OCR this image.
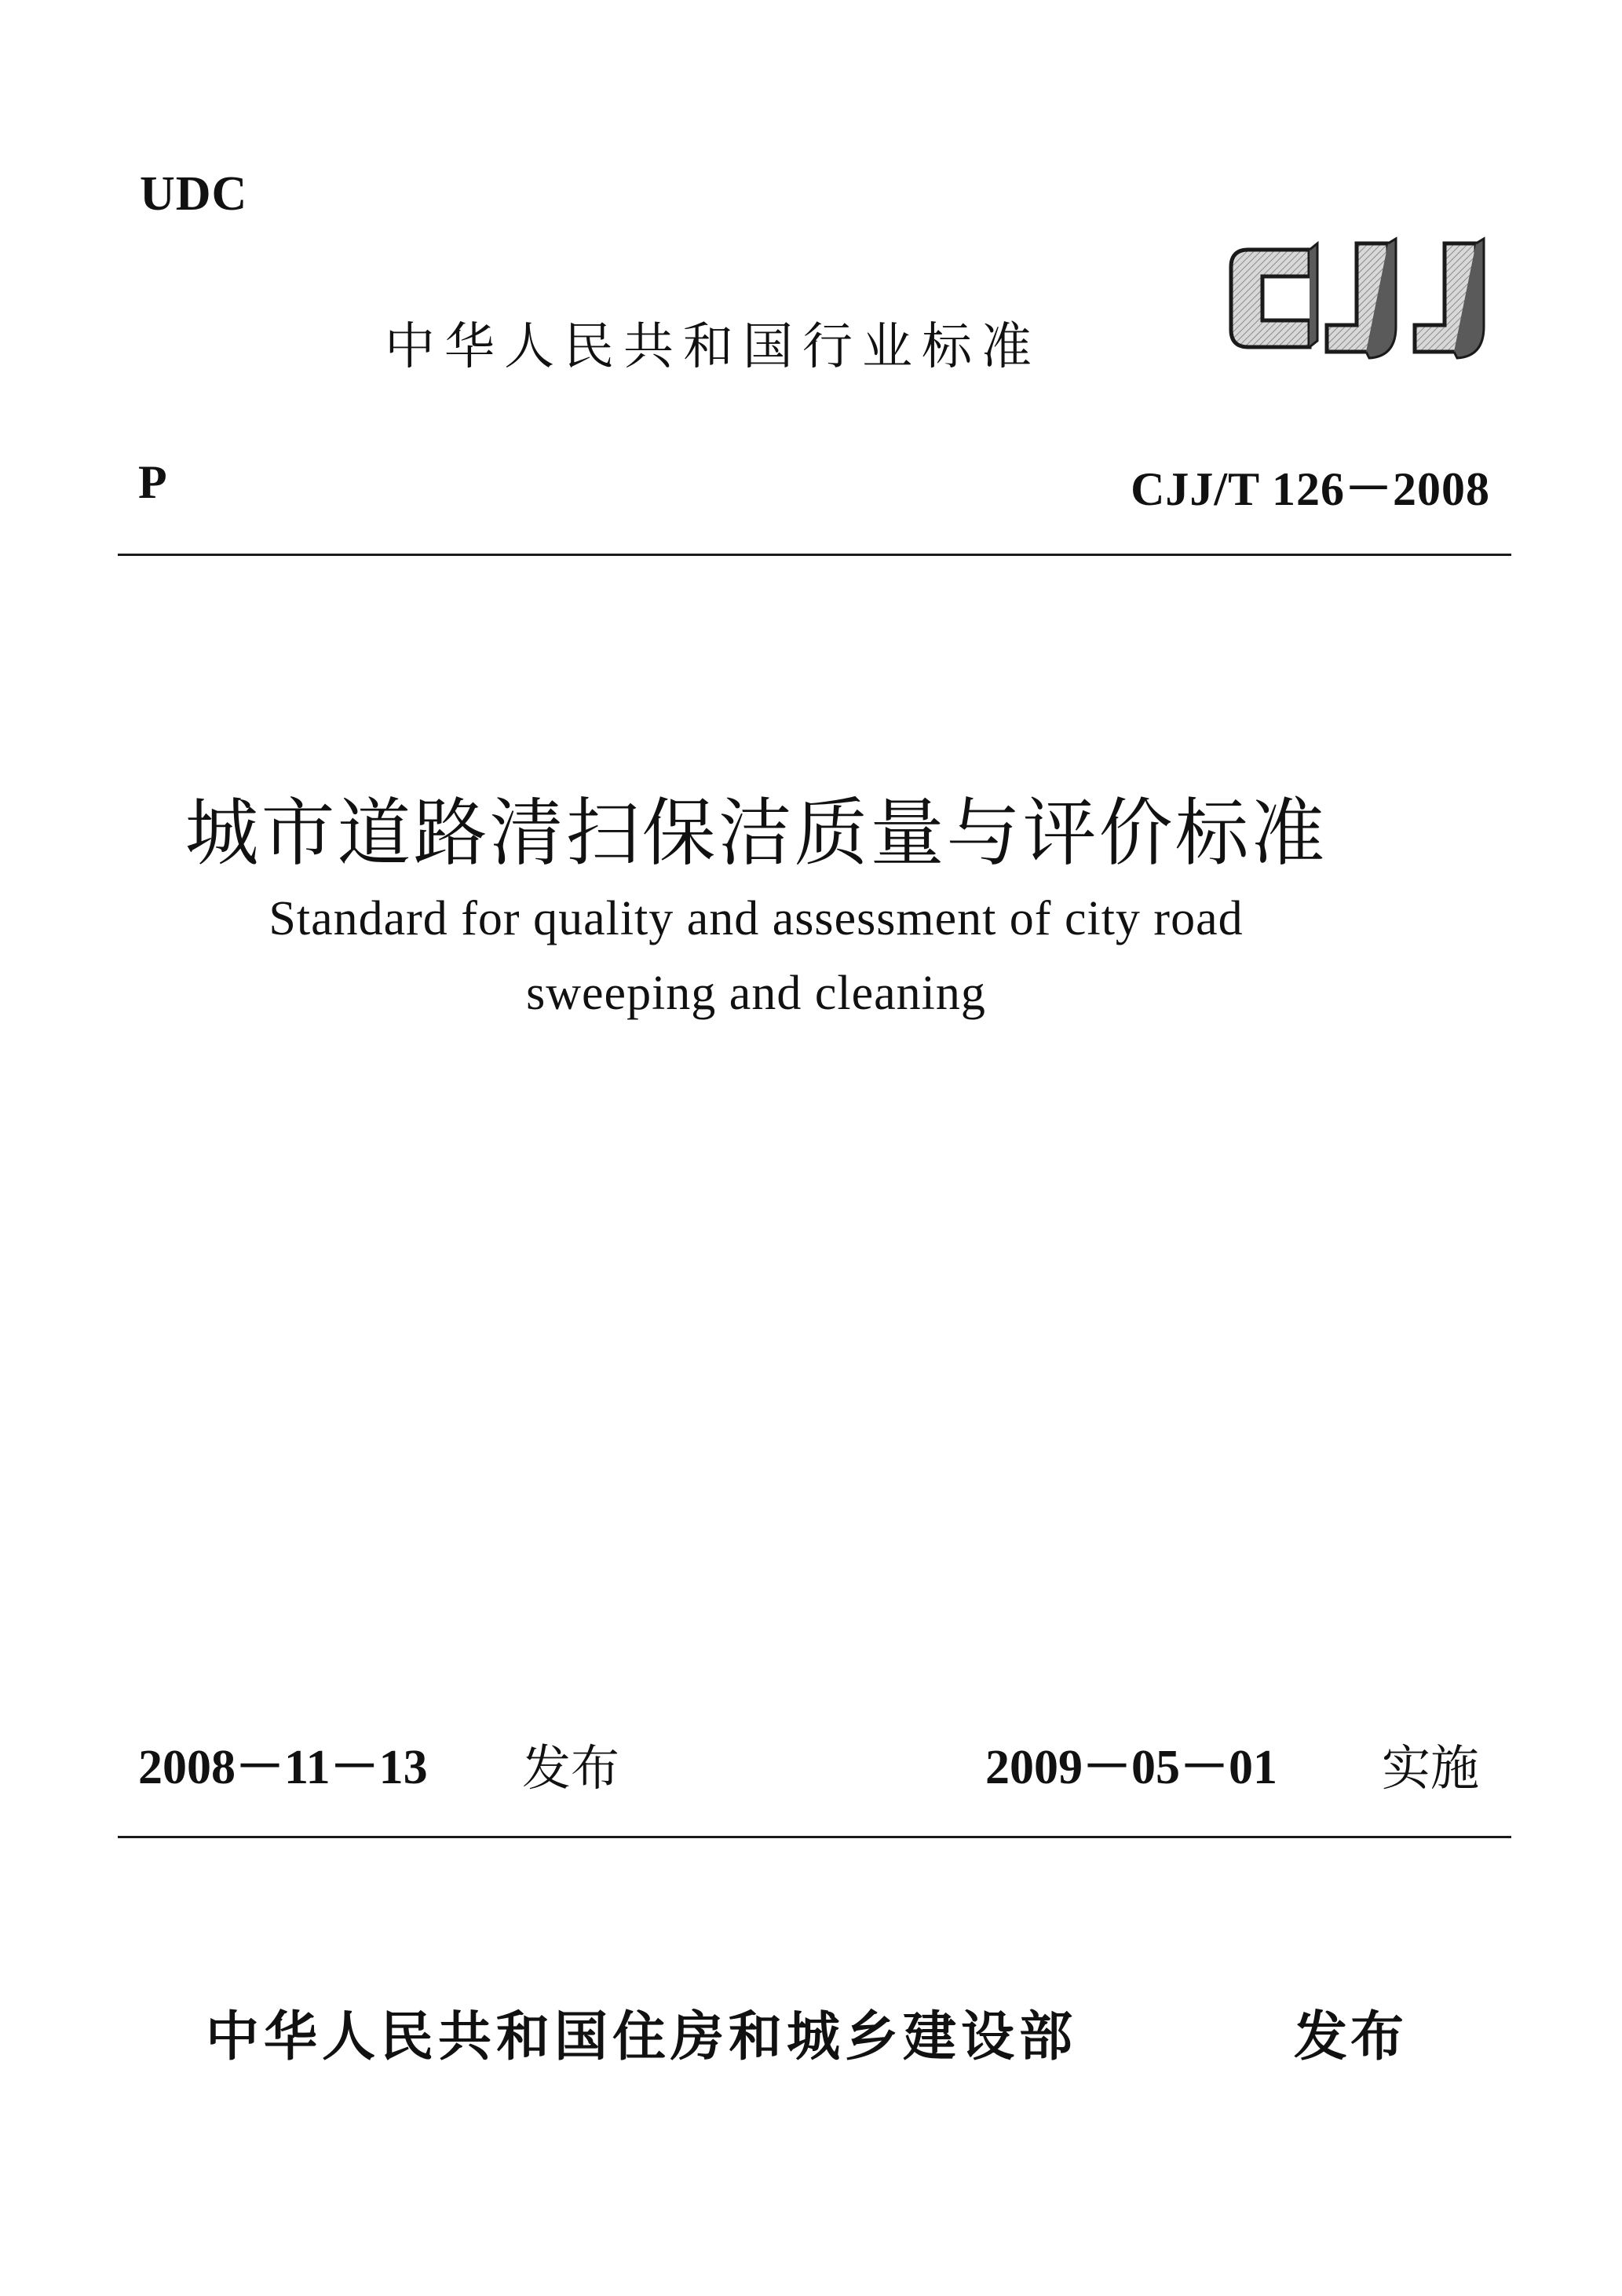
UDC
中华人民共和国行业标准
P	CJJ/T 126－2008
城市道路清扫保洁质量与评价标准
Standard for quality and assessment of city road
sweeping and cleaning
2008－11－13 发布	2009－05－01 实施
中华人民共和国住房和城乡建设部	发布
